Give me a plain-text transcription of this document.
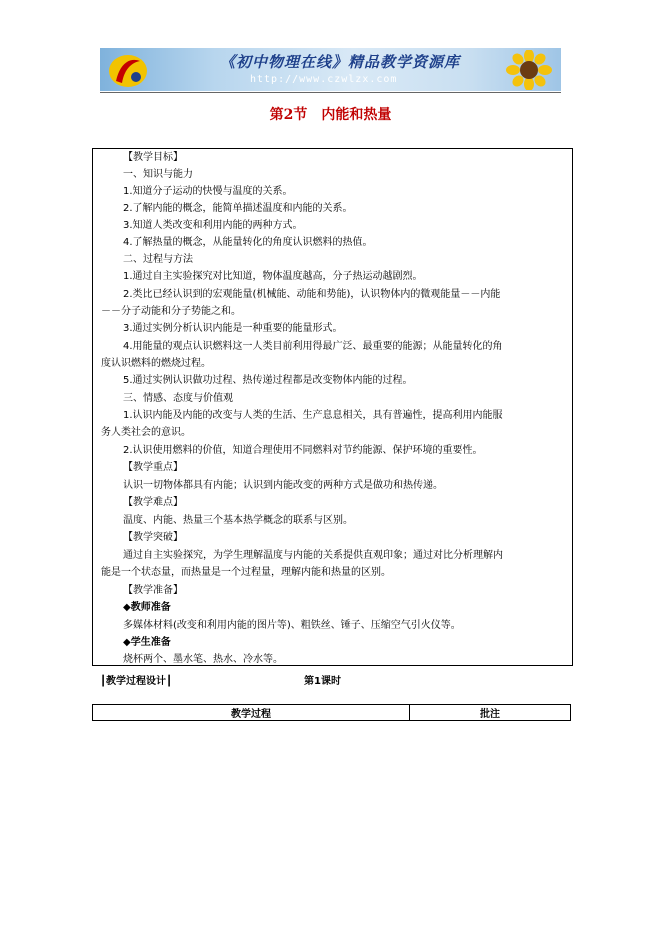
《初中物理在线》精品教学资源库
http://www.czwlzx.com
第2节　内能和热量
【教学目标】
一、知识与能力
1.知道分子运动的快慢与温度的关系。
2.了解内能的概念，能简单描述温度和内能的关系。
3.知道人类改变和利用内能的两种方式。
4.了解热量的概念，从能量转化的角度认识燃料的热值。
二、过程与方法
1.通过自主实验探究对比知道，物体温度越高，分子热运动越剧烈。
2.类比已经认识到的宏观能量(机械能、动能和势能)，认识物体内的微观能量－－内能
－－分子动能和分子势能之和。
3.通过实例分析认识内能是一种重要的能量形式。
4.用能量的观点认识燃料这一人类目前利用得最广泛、最重要的能源；从能量转化的角
度认识燃料的燃烧过程。
5.通过实例认识做功过程、热传递过程都是改变物体内能的过程。
三、情感、态度与价值观
1.认识内能及内能的改变与人类的生活、生产息息相关，具有普遍性，提高利用内能服
务人类社会的意识。
2.认识使用燃料的价值，知道合理使用不同燃料对节约能源、保护环境的重要性。
【教学重点】
认识一切物体都具有内能；认识到内能改变的两种方式是做功和热传递。
【教学难点】
温度、内能、热量三个基本热学概念的联系与区别。
【教学突破】
通过自主实验探究，为学生理解温度与内能的关系提供直观印象；通过对比分析理解内
能是一个状态量，而热量是一个过程量，理解内能和热量的区别。
【教学准备】
◆教师准备
多媒体材料(改变和利用内能的图片等)、粗铁丝、锤子、压缩空气引火仪等。
◆学生准备
烧杯两个、墨水笔、热水、冷水等。
┃教学过程设计┃	第1课时
教学过程	批注
